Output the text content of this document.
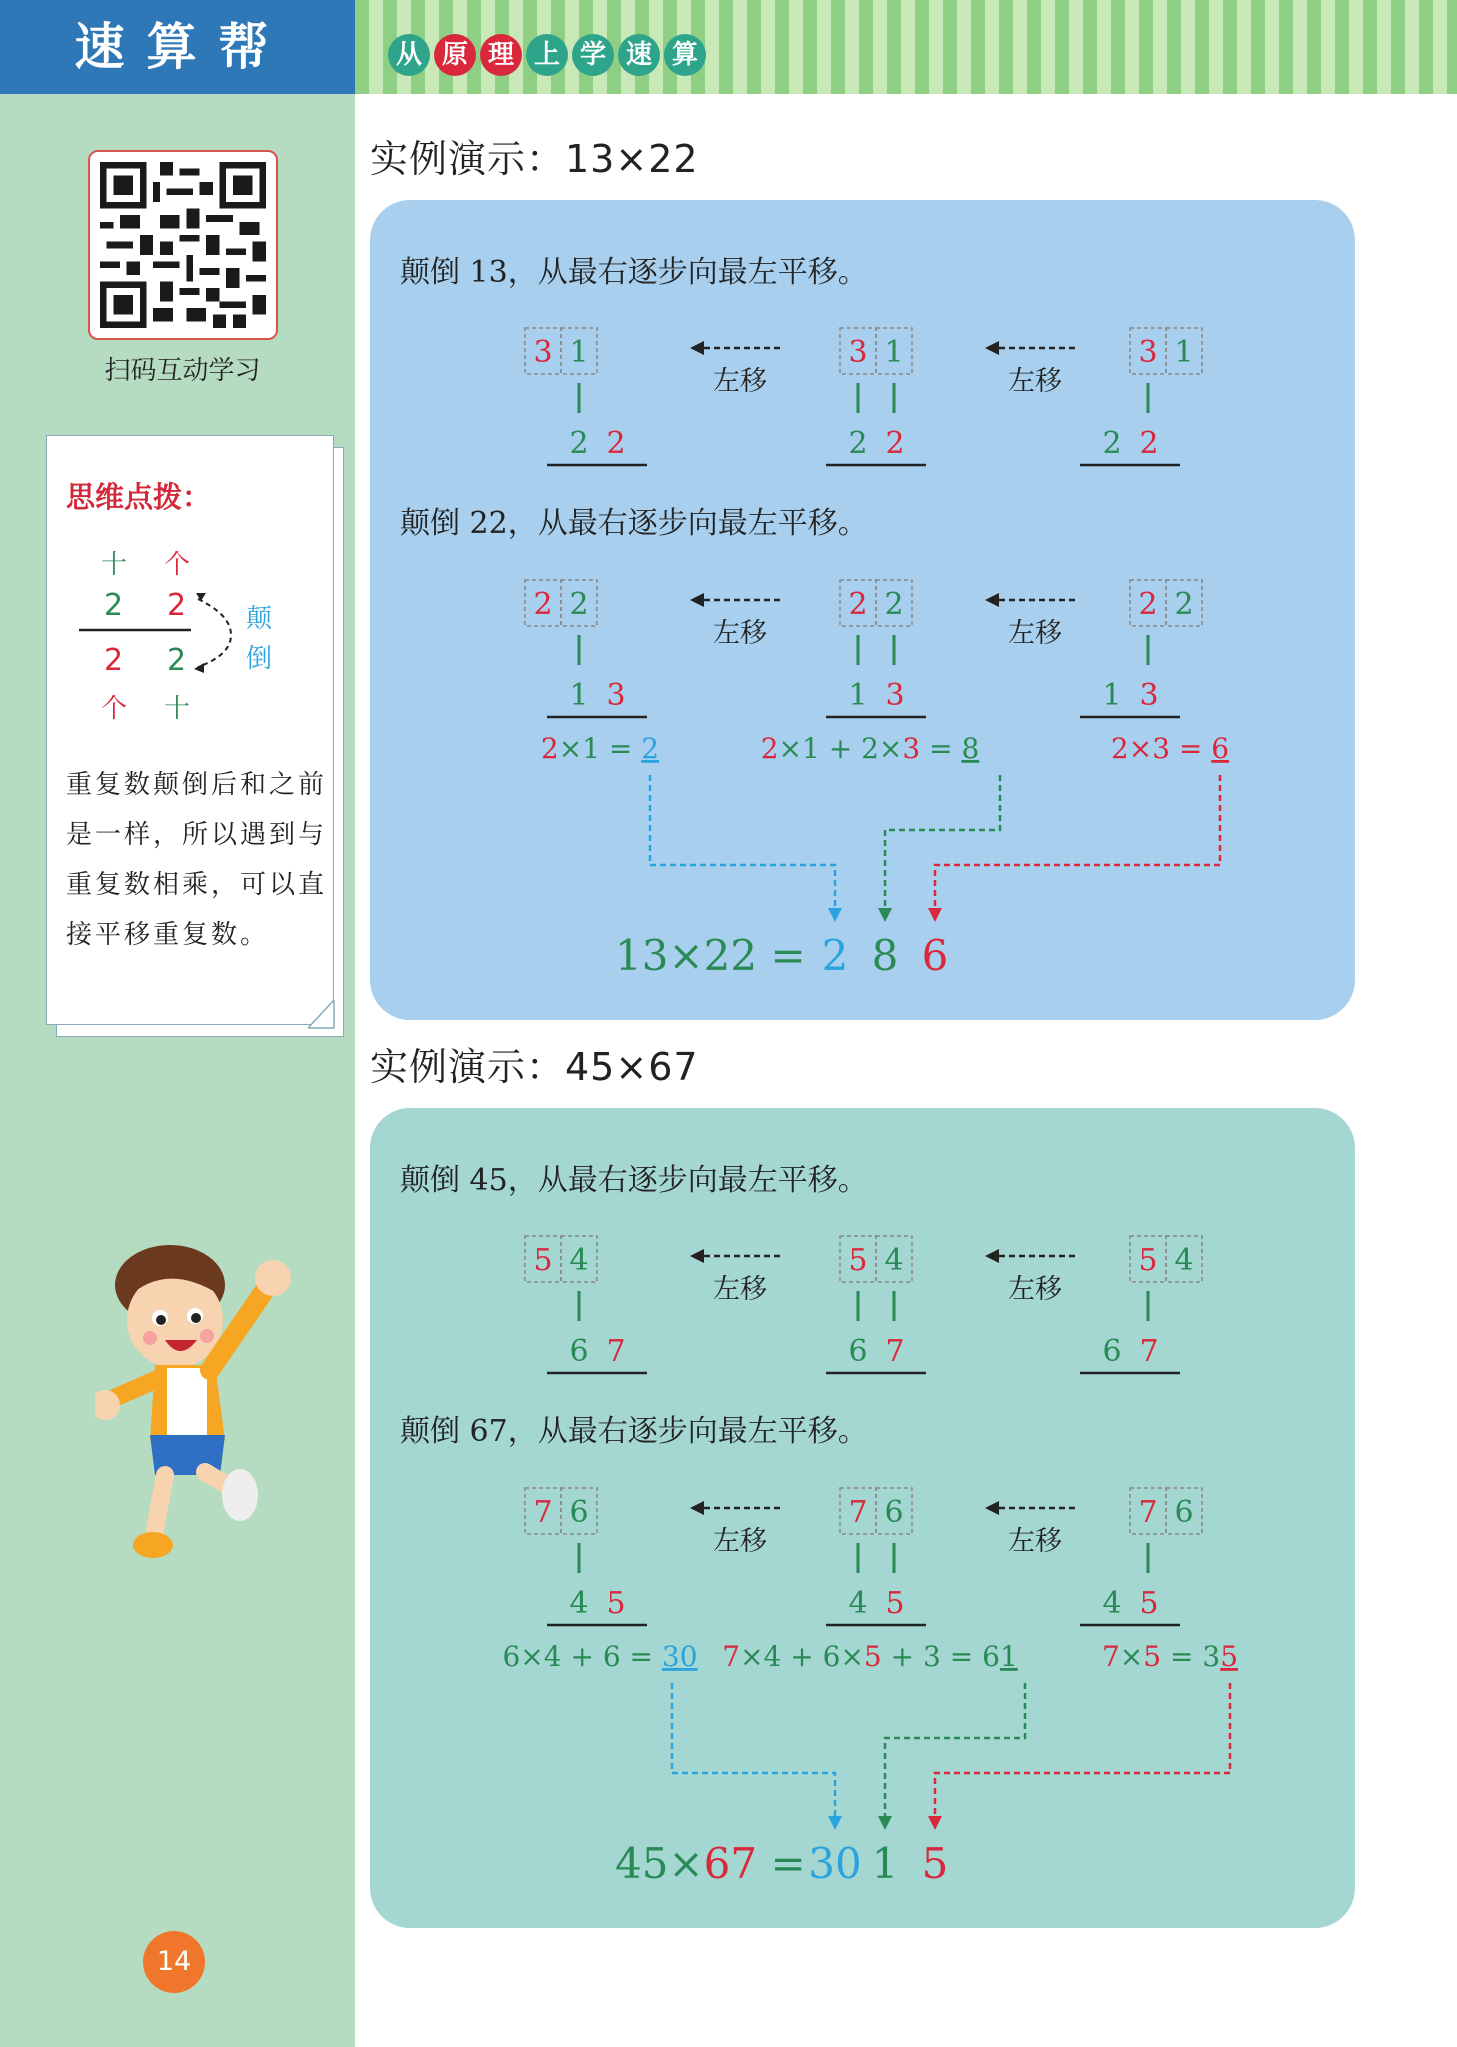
速算帮
扫码互动学习
思维点拨：
十 个
2 2
2 2
个 十
颠
倒
重复数颠倒后和之前是一样，所以遇到与重复数相乘，可以直接平移重复数。
14
从 原 理 上 学 速 算
实例演示：13×22
颠倒 13，从最右逐步向最左平移。
3 1
2 2
3 1
2 2
3 1
2 2
左移	左移
颠倒 22，从最右逐步向最左平移。
2 2
1 3
2 2
1 3
2 2
1 3
左移	左移
2×1 = 2	2×1 + 2×3 = 8	2×3 = 6
13×22 = 2 8 6
实例演示：45×67
颠倒 45，从最右逐步向最左平移。
5 4
6 7
5 4
6 7
5 4
6 7
左移	左移
颠倒 67，从最右逐步向最左平移。
7 6
4 5
7 6
4 5
7 6
4 5
左移	左移
6×4 + 6 = 30 7×4 + 6×5 + 3 = 61	7×5 = 35
45×67 = 30 1 5
